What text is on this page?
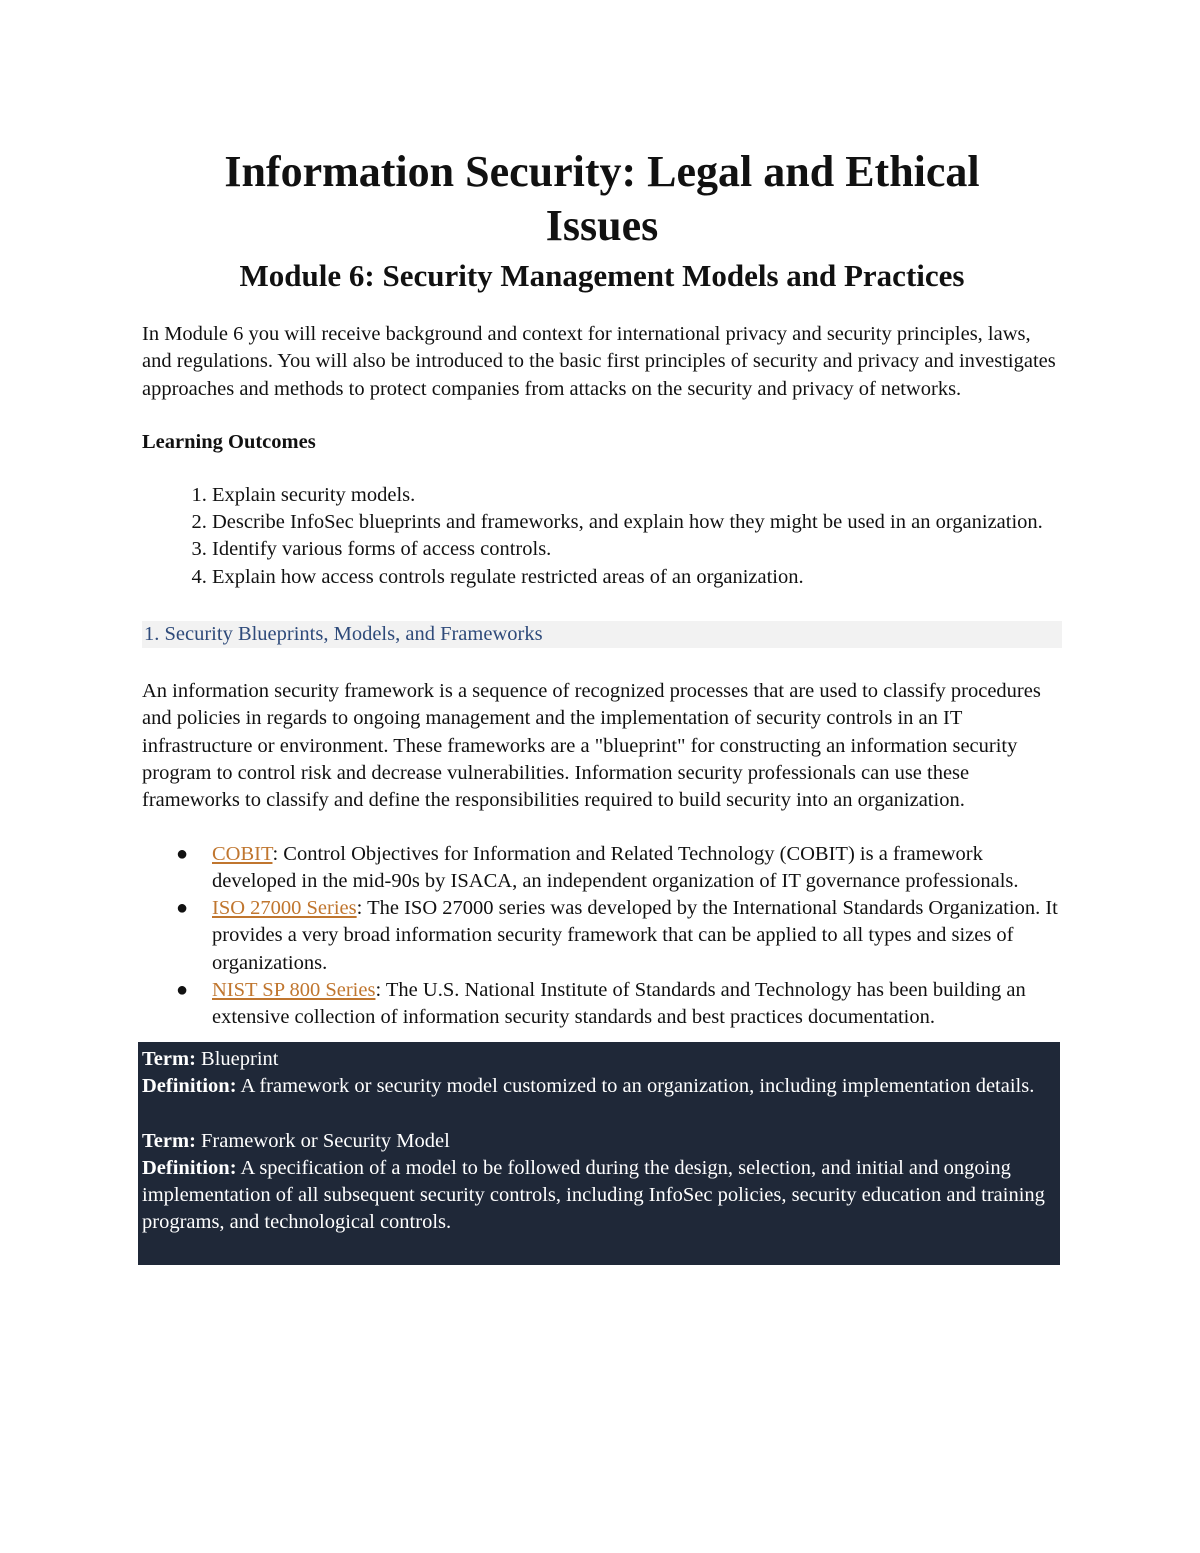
Information Security: Legal and Ethical Issues
Module 6: Security Management Models and Practices

In Module 6 you will receive background and context for international privacy and security principles, laws, and regulations. You will also be introduced to the basic first principles of security and privacy and investigates approaches and methods to protect companies from attacks on the security and privacy of networks.

Learning Outcomes

1. Explain security models.
2. Describe InfoSec blueprints and frameworks, and explain how they might be used in an organization.
3. Identify various forms of access controls.
4. Explain how access controls regulate restricted areas of an organization.
1. Security Blueprints, Models, and Frameworks

An information security framework is a sequence of recognized processes that are used to classify procedures and policies in regards to ongoing management and the implementation of security controls in an IT infrastructure or environment. These frameworks are a "blueprint" for constructing an information security program to control risk and decrease vulnerabilities. Information security professionals can use these frameworks to classify and define the responsibilities required to build security into an organization.

● COBIT: Control Objectives for Information and Related Technology (COBIT) is a framework developed in the mid-90s by ISACA, an independent organization of IT governance professionals.
● ISO 27000 Series: The ISO 27000 series was developed by the International Standards Organization. It provides a very broad information security framework that can be applied to all types and sizes of organizations.
● NIST SP 800 Series: The U.S. National Institute of Standards and Technology has been building an extensive collection of information security standards and best practices documentation.
Term: Blueprint
Definition: A framework or security model customized to an organization, including implementation details.
Term: Framework or Security Model
Definition: A specification of a model to be followed during the design, selection, and initial and ongoing implementation of all subsequent security controls, including InfoSec policies, security education and training programs, and technological controls.
